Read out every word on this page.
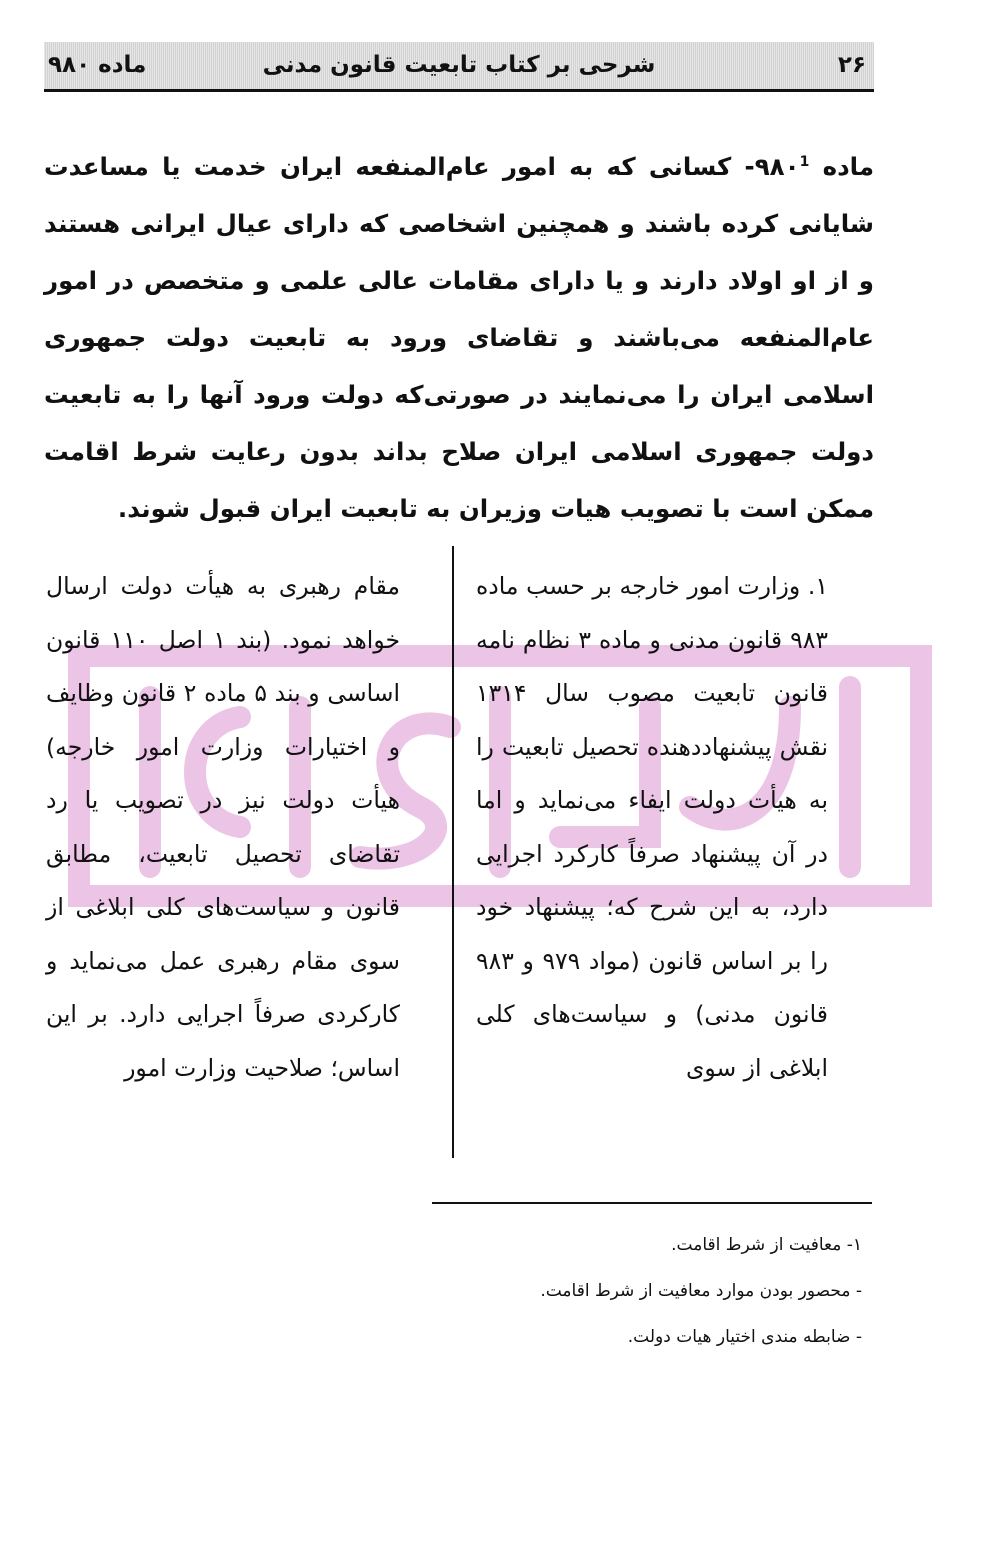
۲۶
شرحی بر کتاب تابعیت قانون مدنی
ماده ۹۸۰

ماده $۹۸۰^1-$ کسانی که به امور عام‌المنفعه ایران خدمت یا مساعدت شایانی کرده باشند و همچنین اشخاصی که دارای عیال ایرانی هستند و از او اولاد دارند و یا دارای مقامات عالی علمی و متخصص در امور عام‌المنفعه می‌باشند و تقاضای ورود به تابعیت دولت جمهوری اسلامی ایران را می‌نمایند در صورتی‌که دولت ورود آنها را به تابعیت دولت جمهوری اسلامی ایران صلاح بداند بدون رعایت شرط اقامت ممکن است با تصویب هیات وزیران به تابعیت ایران قبول شوند.

۱. وزارت امور خارجه بر حسب ماده ۹۸۳ قانون مدنی و ماده ۳ نظام نامه قانون تابعیت مصوب سال ۱۳۱۴ نقش پیشنهاددهنده تحصیل تابعیت را به هیأت دولت ایفاء می‌نماید و اما در آن پیشنهاد صرفاً کارکرد اجرایی دارد، به این شرح که؛ پیشنهاد خود را بر اساس قانون (مواد ۹۷۹ و ۹۸۳ قانون مدنی) و سیاست‌های کلی ابلاغی از سوی

مقام رهبری به هیأت دولت ارسال خواهد نمود. (بند ۱ اصل ۱۱۰ قانون اساسی و بند ۵ ماده ۲ قانون وظایف و اختیارات وزارت امور خارجه) هیأت دولت نیز در تصویب یا رد تقاضای تحصیل تابعیت، مطابق قانون و سیاست‌های کلی ابلاغی از سوی مقام رهبری عمل می‌نماید و کارکردی صرفاً اجرایی دارد. بر این اساس؛ صلاحیت وزارت امور

۱- معافیت از شرط اقامت.
- محصور بودن موارد معافیت از شرط اقامت.
- ضابطه مندی اختیار هیات دولت.
